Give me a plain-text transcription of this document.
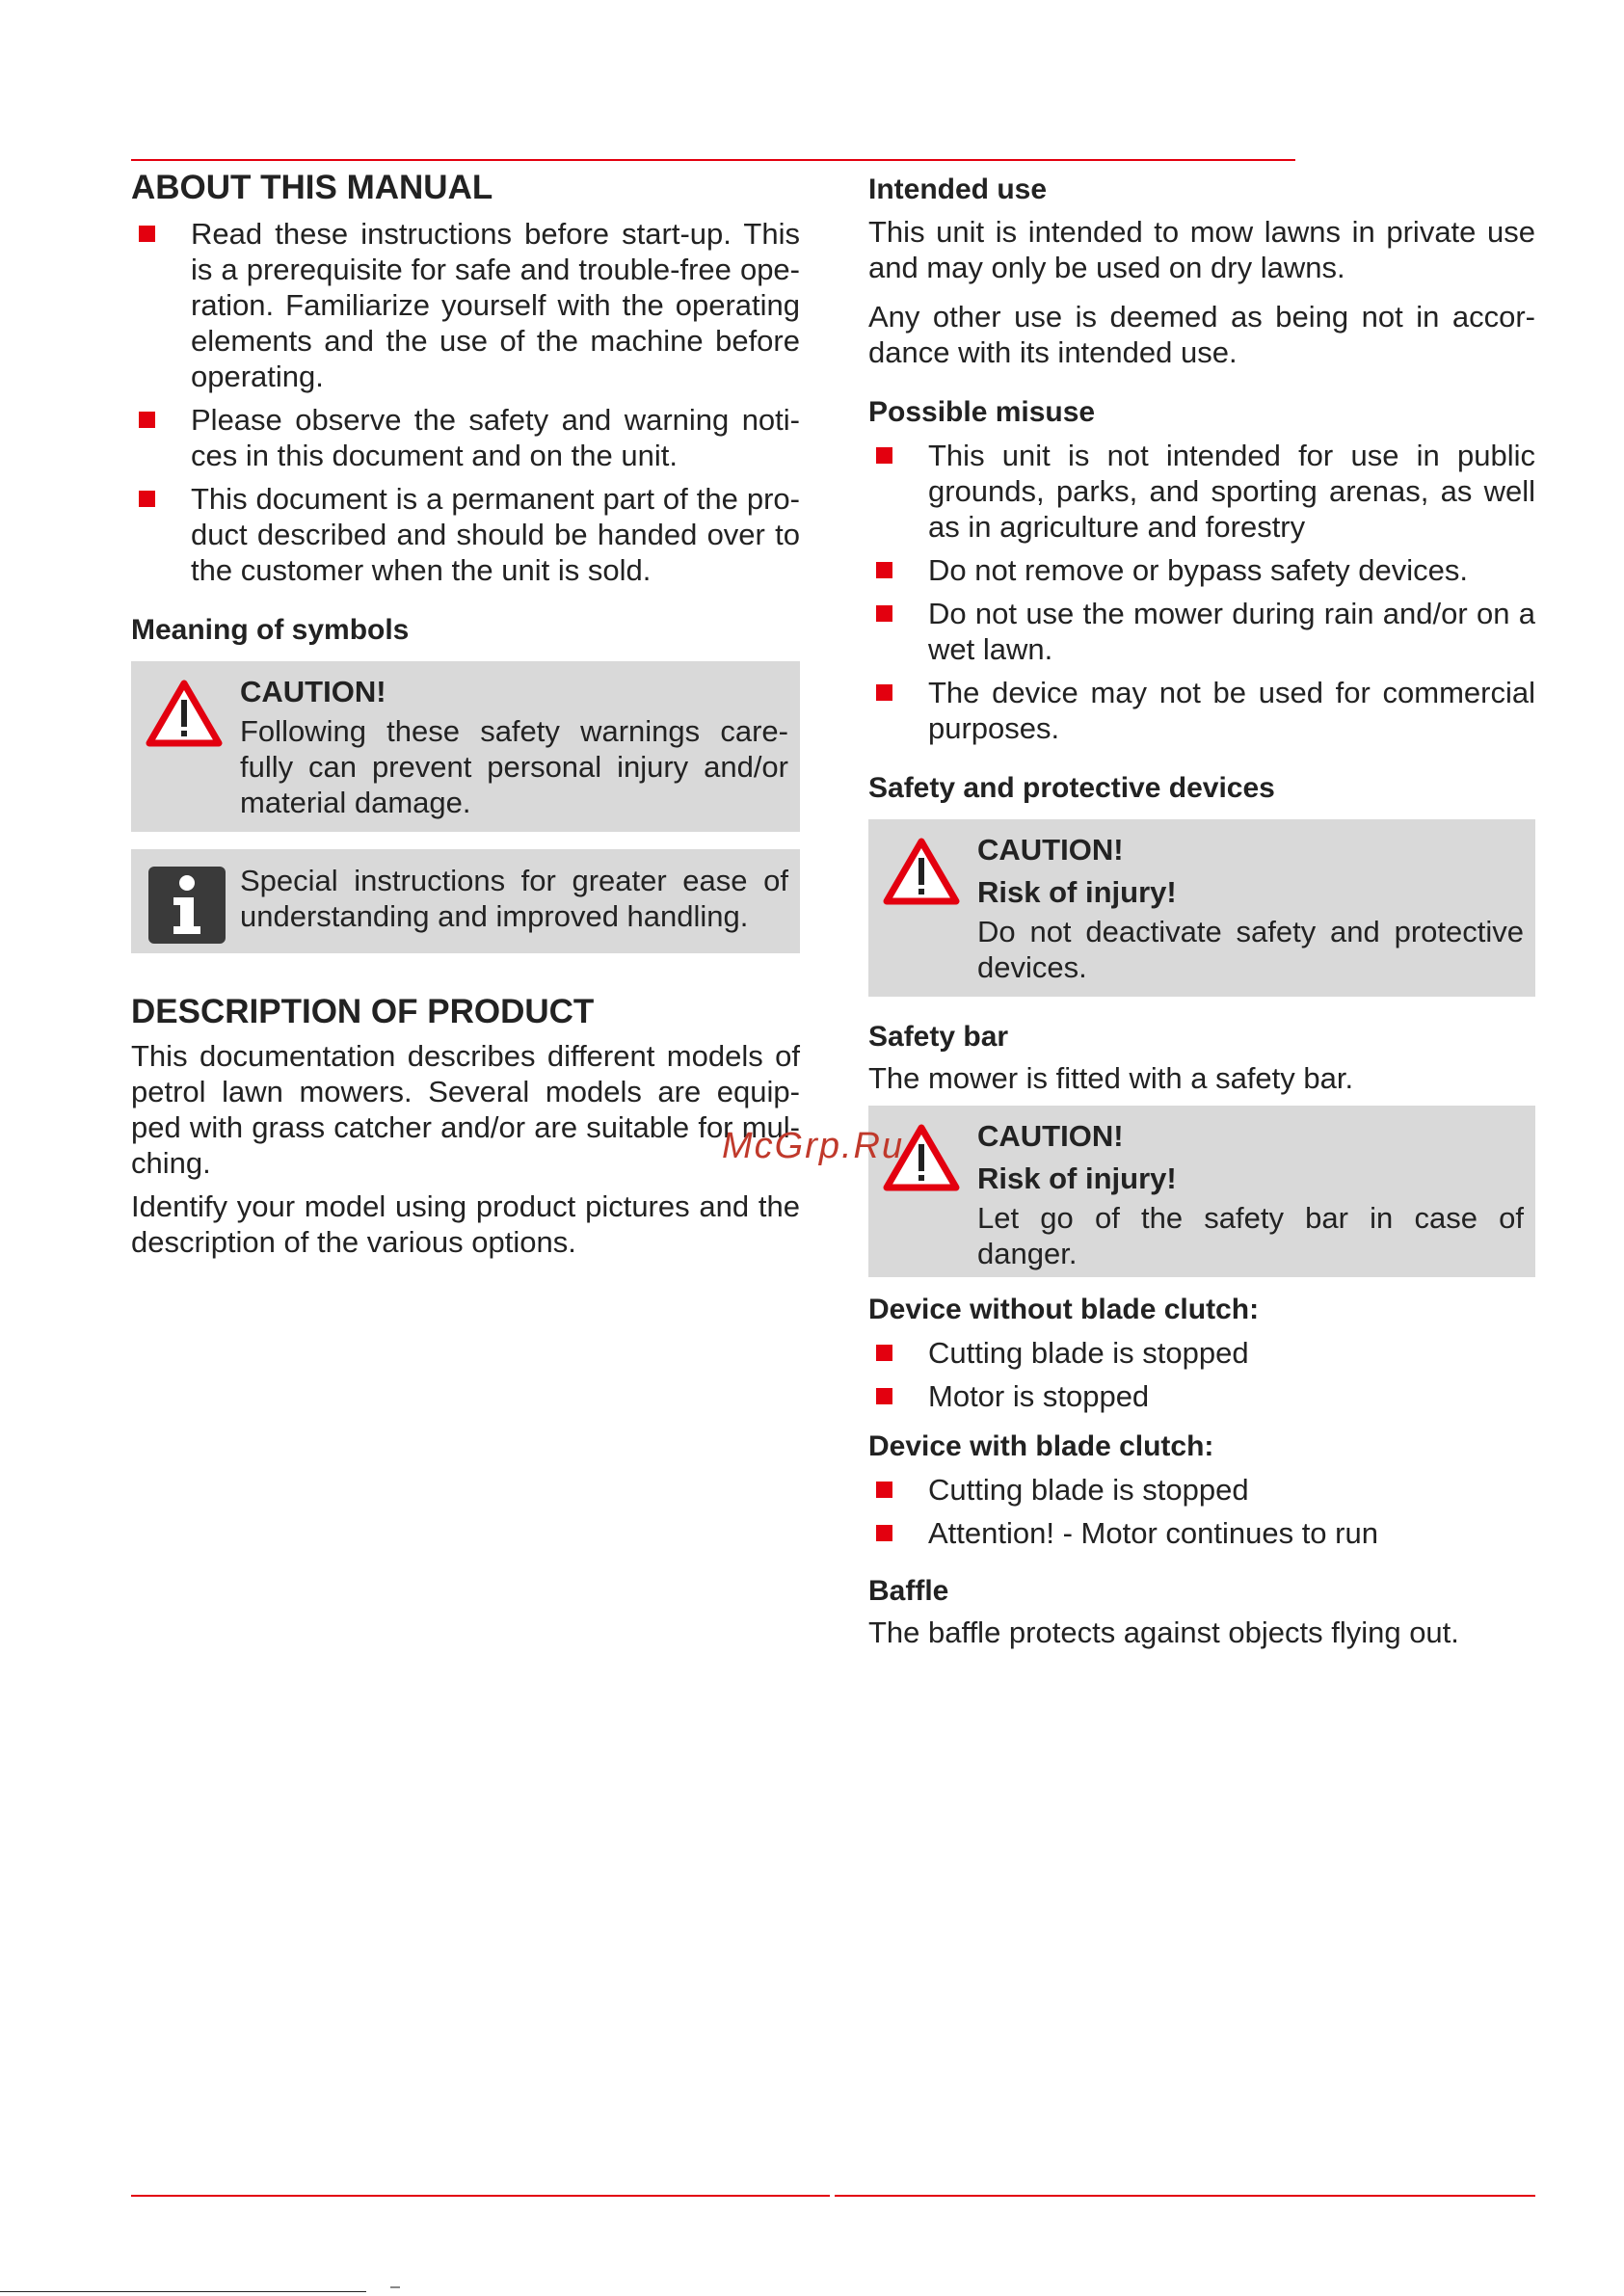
ABOUT THIS MANUAL
Read these instructions before start-up. This is a prerequisite for safe and trouble-free ope-ration. Familiarize yourself with the operating elements and the use of the machine before operating.
Please observe the safety and warning noti-ces in this document and on the unit.
This document is a permanent part of the pro-duct described and should be handed over to the customer when the unit is sold.
Meaning of symbols
CAUTION!
Following these safety warnings care-fully can prevent personal injury and/or material damage.
Special instructions for greater ease of understanding and improved handling.
DESCRIPTION OF PRODUCT

This documentation describes different models of petrol lawn mowers. Several models are equip-ped with grass catcher and/or are suitable for mul-ching.

Identify your model using product pictures and the description of the various options.

Intended use

This unit is intended to mow lawns in private use and may only be used on dry lawns.

Any other use is deemed as being not in accor-dance with its intended use.

Possible misuse
This unit is not intended for use in public grounds, parks, and sporting arenas, as well as in agriculture and forestry
Do not remove or bypass safety devices.
Do not use the mower during rain and/or on a wet lawn.
The device may not be used for commercial purposes.
Safety and protective devices
CAUTION!
Risk of injury!
Do not deactivate safety and protective devices.
Safety bar

The mower is fitted with a safety bar.

CAUTION!
Risk of injury!
Let go of the safety bar in case of danger.
Device without blade clutch:
Cutting blade is stopped
Motor is stopped
Device with blade clutch:
Cutting blade is stopped
Attention! - Motor continues to run
Baffle

The baffle protects against objects flying out.

McGrp.Ru
